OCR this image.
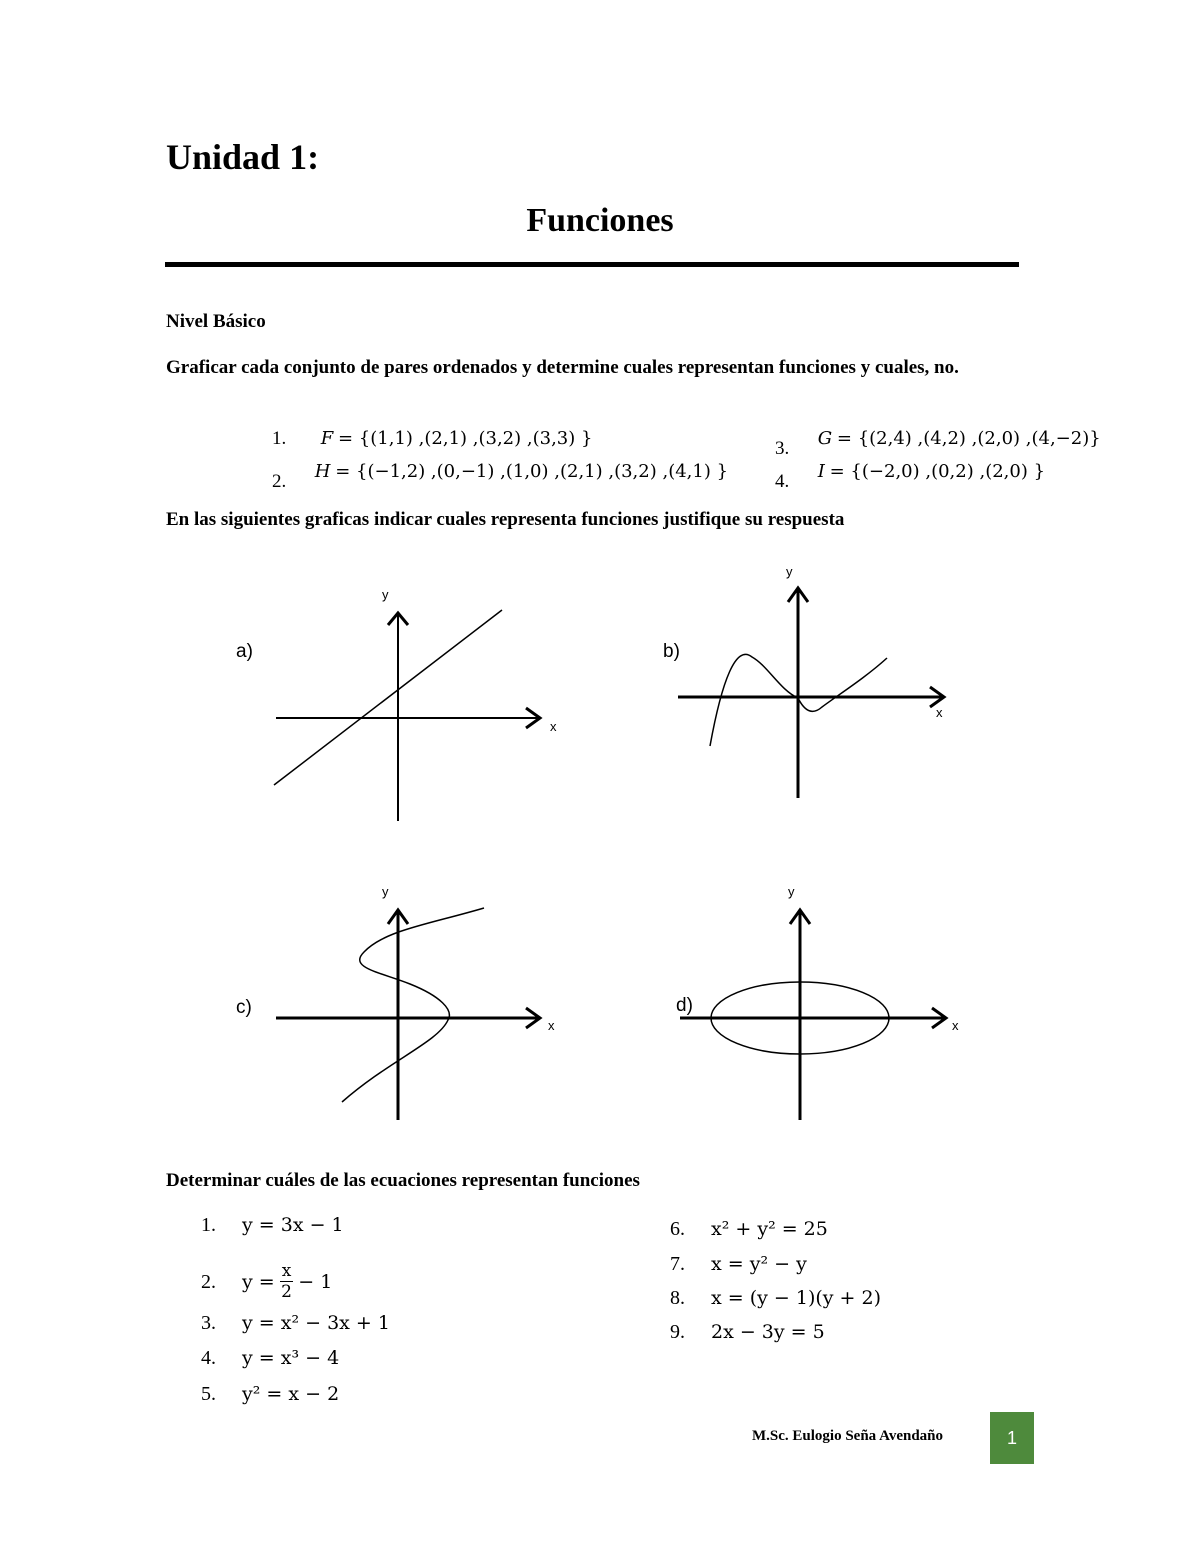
Unidad 1:
Funciones
Nivel Básico
Graficar cada conjunto de pares ordenados y determine cuales representan funciones y cuales, no.
1. F = {(1,1) ,(2,1) ,(3,2) ,(3,3) }
2. H = {(−1,2) ,(0,−1) ,(1,0) ,(2,1) ,(3,2) ,(4,1) }
3. G = {(2,4) ,(4,2) ,(2,0) ,(4,−2)}
4. I = {(−2,0) ,(0,2) ,(2,0) }
En las siguientes graficas indicar cuales representa funciones justifique su respuesta
a)
y
x
b)
y
x
c)
y
x
d)
y
x
Determinar cuáles de las ecuaciones representan funciones
1. y = 3x − 1
2. $y = \frac{x}{2} - 1$
3. y = x² − 3x + 1
4. y = x³ − 4
5. y² = x − 2
6. x² + y² = 25
7. x = y² − y
8. x = (y − 1)(y + 2)
9. 2x − 3y = 5
M.Sc. Eulogio Seña Avendaño	1
